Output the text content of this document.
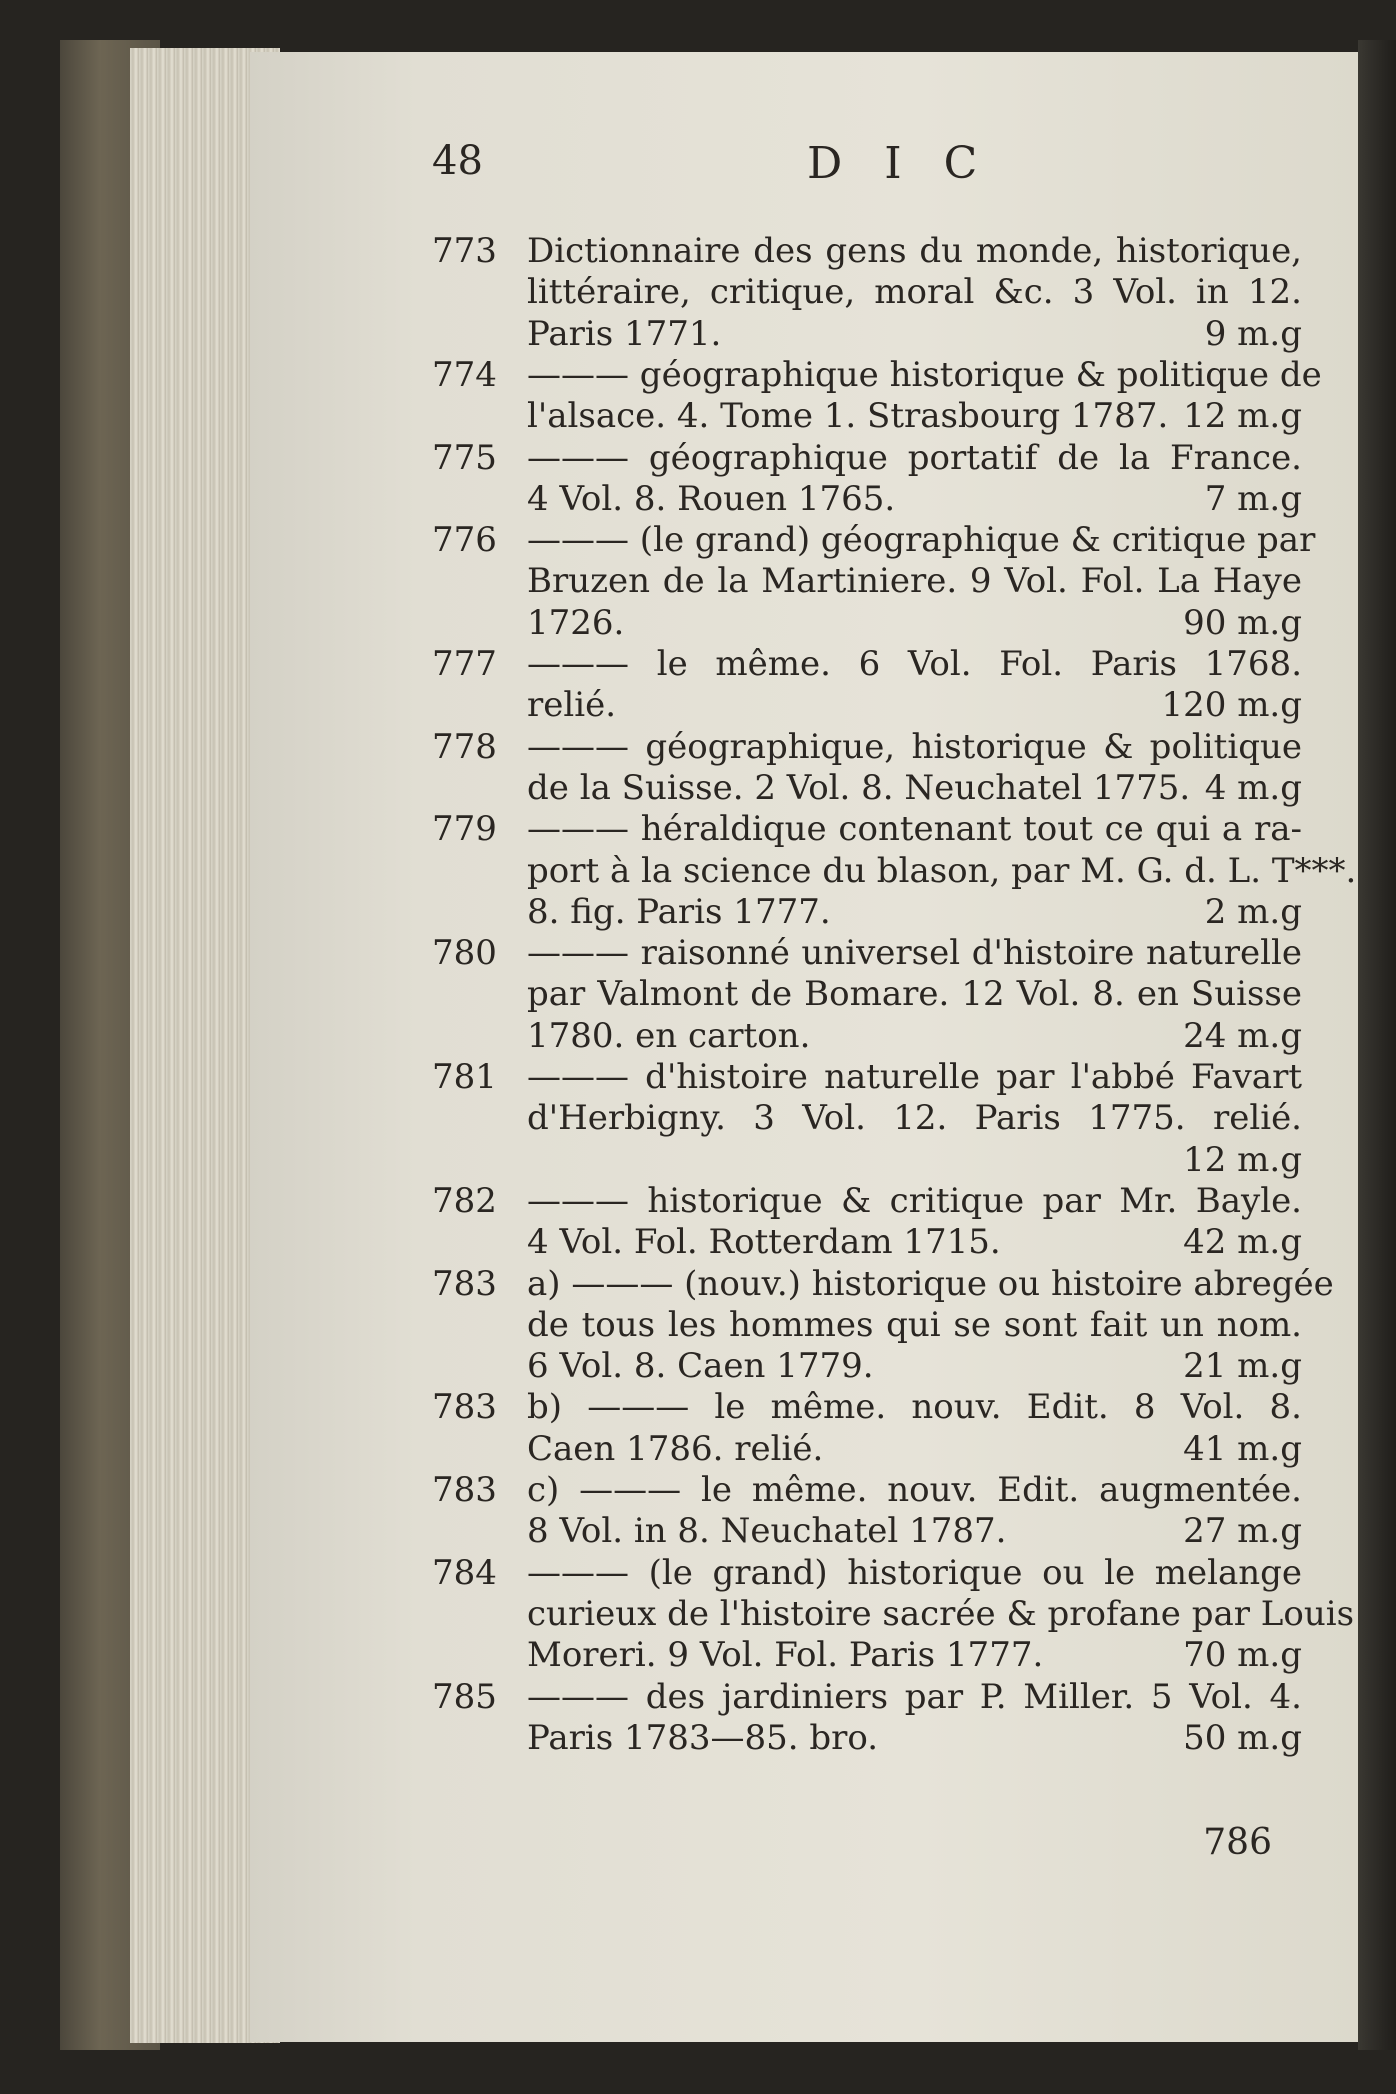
48	D I C
773 Dictionnaire des gens du monde, historique,
littéraire, critique, moral &c. 3 Vol. in 12.
Paris 1771.	9 m.g
774 ——— géographique historique & politique de
l'alsace. 4. Tome 1. Strasbourg 1787. 12 m.g
775 ——— géographique portatif de la France.
4 Vol. 8. Rouen 1765.	7 m.g
776 ——— (le grand) géographique & critique par
Bruzen de la Martiniere. 9 Vol. Fol. La Haye
1726.	90 m.g
777 ——— le même. 6 Vol. Fol. Paris 1768.
relié.	120 m.g
778 ——— géographique, historique & politique
de la Suisse. 2 Vol. 8. Neuchatel 1775. 4 m.g
779 ——— héraldique contenant tout ce qui a ra-
port à la science du blason, par M. G. d. L. T***.
8. fig. Paris 1777.	2 m.g
780 ——— raisonné universel d'histoire naturelle
par Valmont de Bomare. 12 Vol. 8. en Suisse
1780. en carton.	24 m.g
781 ——— d'histoire naturelle par l'abbé Favart
d'Herbigny. 3 Vol. 12. Paris 1775. relié.
12 m.g
782 ——— historique & critique par Mr. Bayle.
4 Vol. Fol. Rotterdam 1715.	42 m.g
783 a) ——— (nouv.) historique ou histoire abregée
de tous les hommes qui se sont fait un nom.
6 Vol. 8. Caen 1779.	21 m.g
783 b) ——— le même. nouv. Edit. 8 Vol. 8.
Caen 1786. relié.	41 m.g
783 c) ——— le même. nouv. Edit. augmentée.
8 Vol. in 8. Neuchatel 1787.	27 m.g
784 ——— (le grand) historique ou le melange
curieux de l'histoire sacrée & profane par Louis
Moreri. 9 Vol. Fol. Paris 1777.	70 m.g
785 ——— des jardiniers par P. Miller. 5 Vol. 4.
Paris 1783—85. bro.	50 m.g
786
